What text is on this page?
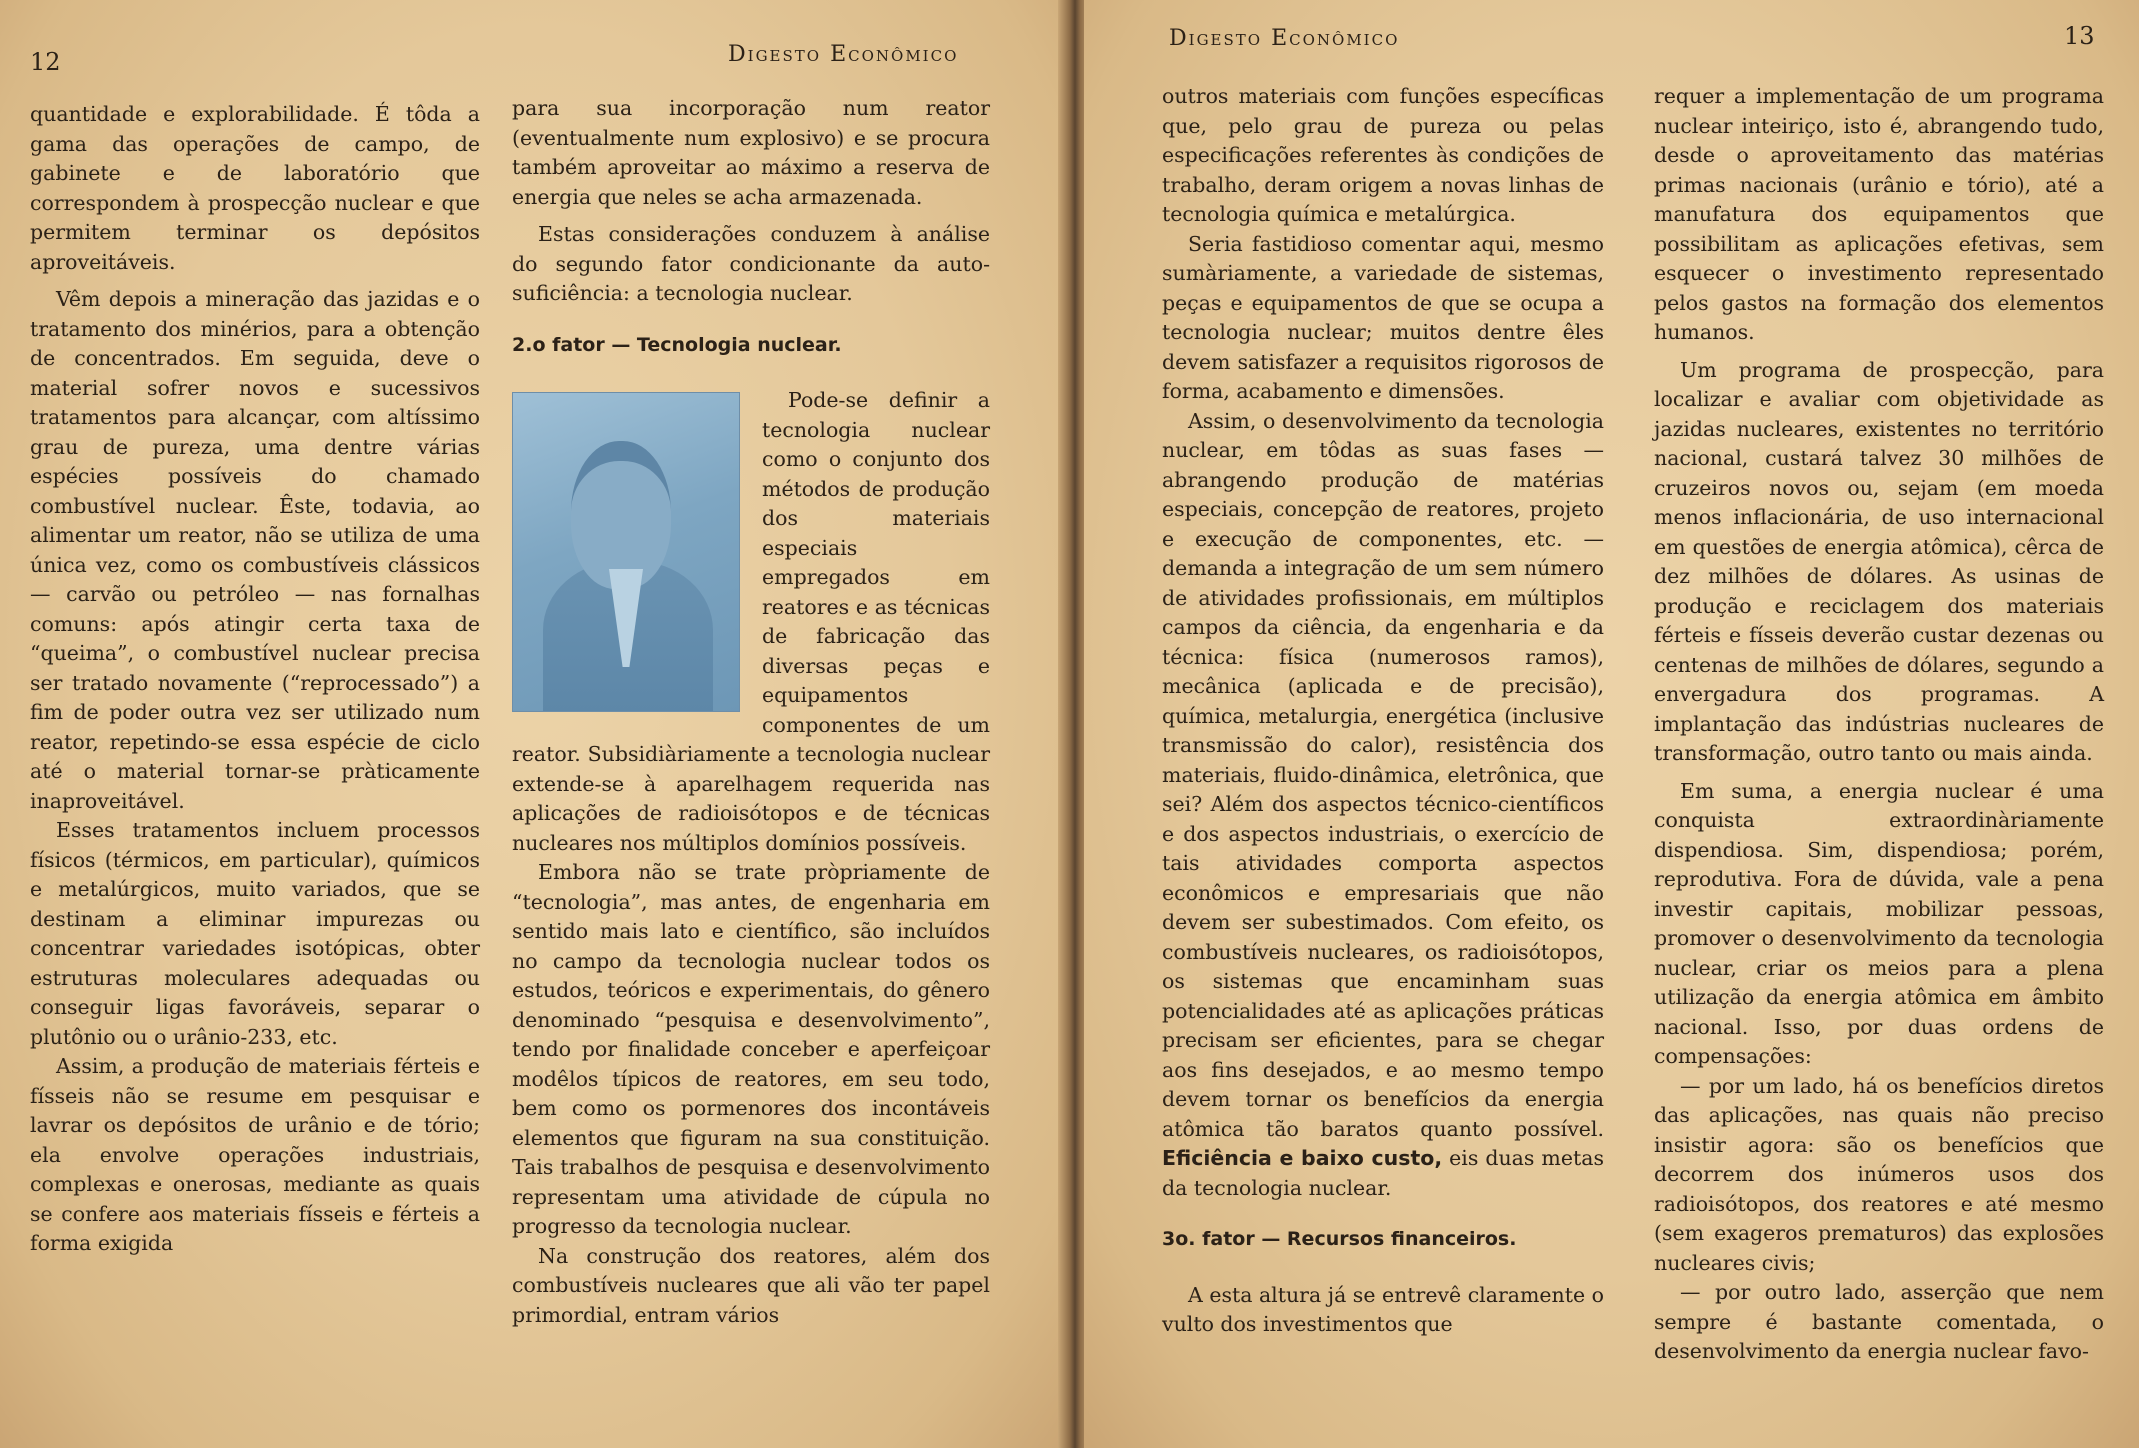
12	Digesto Econômico

quantidade e explorabilidade. É tôda a gama das operações de campo, de gabinete e de laboratório que correspondem à prospecção nuclear e que permitem terminar os depósitos aproveitáveis.

Vêm depois a mineração das jazidas e o tratamento dos minérios, para a obtenção de concentrados. Em seguida, deve o material sofrer novos e sucessivos tratamentos para alcançar, com altíssimo grau de pureza, uma dentre várias espécies possíveis do chamado combustível nuclear. Êste, todavia, ao alimentar um reator, não se utiliza de uma única vez, como os combustíveis clássicos — carvão ou petróleo — nas fornalhas comuns: após atingir certa taxa de “queima”, o combustível nuclear precisa ser tratado novamente (“reprocessado”) a fim de poder outra vez ser utilizado num reator, repetindo-se essa espécie de ciclo até o material tornar-se pràticamente inaproveitável.

Esses tratamentos incluem processos físicos (térmicos, em particular), químicos e metalúrgicos, muito variados, que se destinam a eliminar impurezas ou concentrar variedades isotópicas, obter estruturas moleculares adequadas ou conseguir ligas favoráveis, separar o plutônio ou o urânio-233, etc.

Assim, a produção de materiais férteis e físseis não se resume em pesquisar e lavrar os depósitos de urânio e de tório; ela envolve operações industriais, complexas e onerosas, mediante as quais se confere aos materiais físseis e férteis a forma exigida

para sua incorporação num reator (eventualmente num explosivo) e se procura também aproveitar ao máximo a reserva de energia que neles se acha armazenada.

Estas considerações conduzem à análise do segundo fator condicionante da auto-suficiência: a tecnologia nuclear.

2.o fator — Tecnologia nuclear.

Pode-se definir a tecnologia nuclear como o conjunto dos métodos de produção dos materiais especiais empregados em reatores e as técnicas de fabricação das diversas peças e equipamentos componentes de um reator. Subsidiàriamente a tecnologia nuclear extende-se à aparelhagem requerida nas aplicações de radioisótopos e de técnicas nucleares nos múltiplos domínios possíveis.

Embora não se trate pròpriamente de “tecnologia”, mas antes, de engenharia em sentido mais lato e científico, são incluídos no campo da tecnologia nuclear todos os estudos, teóricos e experimentais, do gênero denominado “pesquisa e desenvolvimento”, tendo por finalidade conceber e aperfeiçoar modêlos típicos de reatores, em seu todo, bem como os pormenores dos incontáveis elementos que figuram na sua constituição. Tais trabalhos de pesquisa e desenvolvimento representam uma atividade de cúpula no progresso da tecnologia nuclear.

Na construção dos reatores, além dos combustíveis nucleares que ali vão ter papel primordial, entram vários

Digesto Econômico	13

outros materiais com funções específicas que, pelo grau de pureza ou pelas especificações referentes às condições de trabalho, deram origem a novas linhas de tecnologia química e metalúrgica.

Seria fastidioso comentar aqui, mesmo sumàriamente, a variedade de sistemas, peças e equipamentos de que se ocupa a tecnologia nuclear; muitos dentre êles devem satisfazer a requisitos rigorosos de forma, acabamento e dimensões.

Assim, o desenvolvimento da tecnologia nuclear, em tôdas as suas fases — abrangendo produção de matérias especiais, concepção de reatores, projeto e execução de componentes, etc. — demanda a integração de um sem número de atividades profissionais, em múltiplos campos da ciência, da engenharia e da técnica: física (numerosos ramos), mecânica (aplicada e de precisão), química, metalurgia, energética (inclusive transmissão do calor), resistência dos materiais, fluido-dinâmica, eletrônica, que sei? Além dos aspectos técnico-científicos e dos aspectos industriais, o exercício de tais atividades comporta aspectos econômicos e empresariais que não devem ser subestimados. Com efeito, os combustíveis nucleares, os radioisótopos, os sistemas que encaminham suas potencialidades até as aplicações práticas precisam ser eficientes, para se chegar aos fins desejados, e ao mesmo tempo devem tornar os benefícios da energia atômica tão baratos quanto possível. Eficiência e baixo custo, eis duas metas da tecnologia nuclear.

3o. fator — Recursos financeiros.

A esta altura já se entrevê claramente o vulto dos investimentos que

requer a implementação de um programa nuclear inteiriço, isto é, abrangendo tudo, desde o aproveitamento das matérias primas nacionais (urânio e tório), até a manufatura dos equipamentos que possibilitam as aplicações efetivas, sem esquecer o investimento representado pelos gastos na formação dos elementos humanos.

Um programa de prospecção, para localizar e avaliar com objetividade as jazidas nucleares, existentes no território nacional, custará talvez 30 milhões de cruzeiros novos ou, sejam (em moeda menos inflacionária, de uso internacional em questões de energia atômica), cêrca de dez milhões de dólares. As usinas de produção e reciclagem dos materiais férteis e físseis deverão custar dezenas ou centenas de milhões de dólares, segundo a envergadura dos programas. A implantação das indústrias nucleares de transformação, outro tanto ou mais ainda.

Em suma, a energia nuclear é uma conquista extraordinàriamente dispendiosa. Sim, dispendiosa; porém, reprodutiva. Fora de dúvida, vale a pena investir capitais, mobilizar pessoas, promover o desenvolvimento da tecnologia nuclear, criar os meios para a plena utilização da energia atômica em âmbito nacional. Isso, por duas ordens de compensações:

— por um lado, há os benefícios diretos das aplicações, nas quais não preciso insistir agora: são os benefícios que decorrem dos inúmeros usos dos radioisótopos, dos reatores e até mesmo (sem exageros prematuros) das explosões nucleares civis;

— por outro lado, asserção que nem sempre é bastante comentada, o desenvolvimento da energia nuclear favo-
